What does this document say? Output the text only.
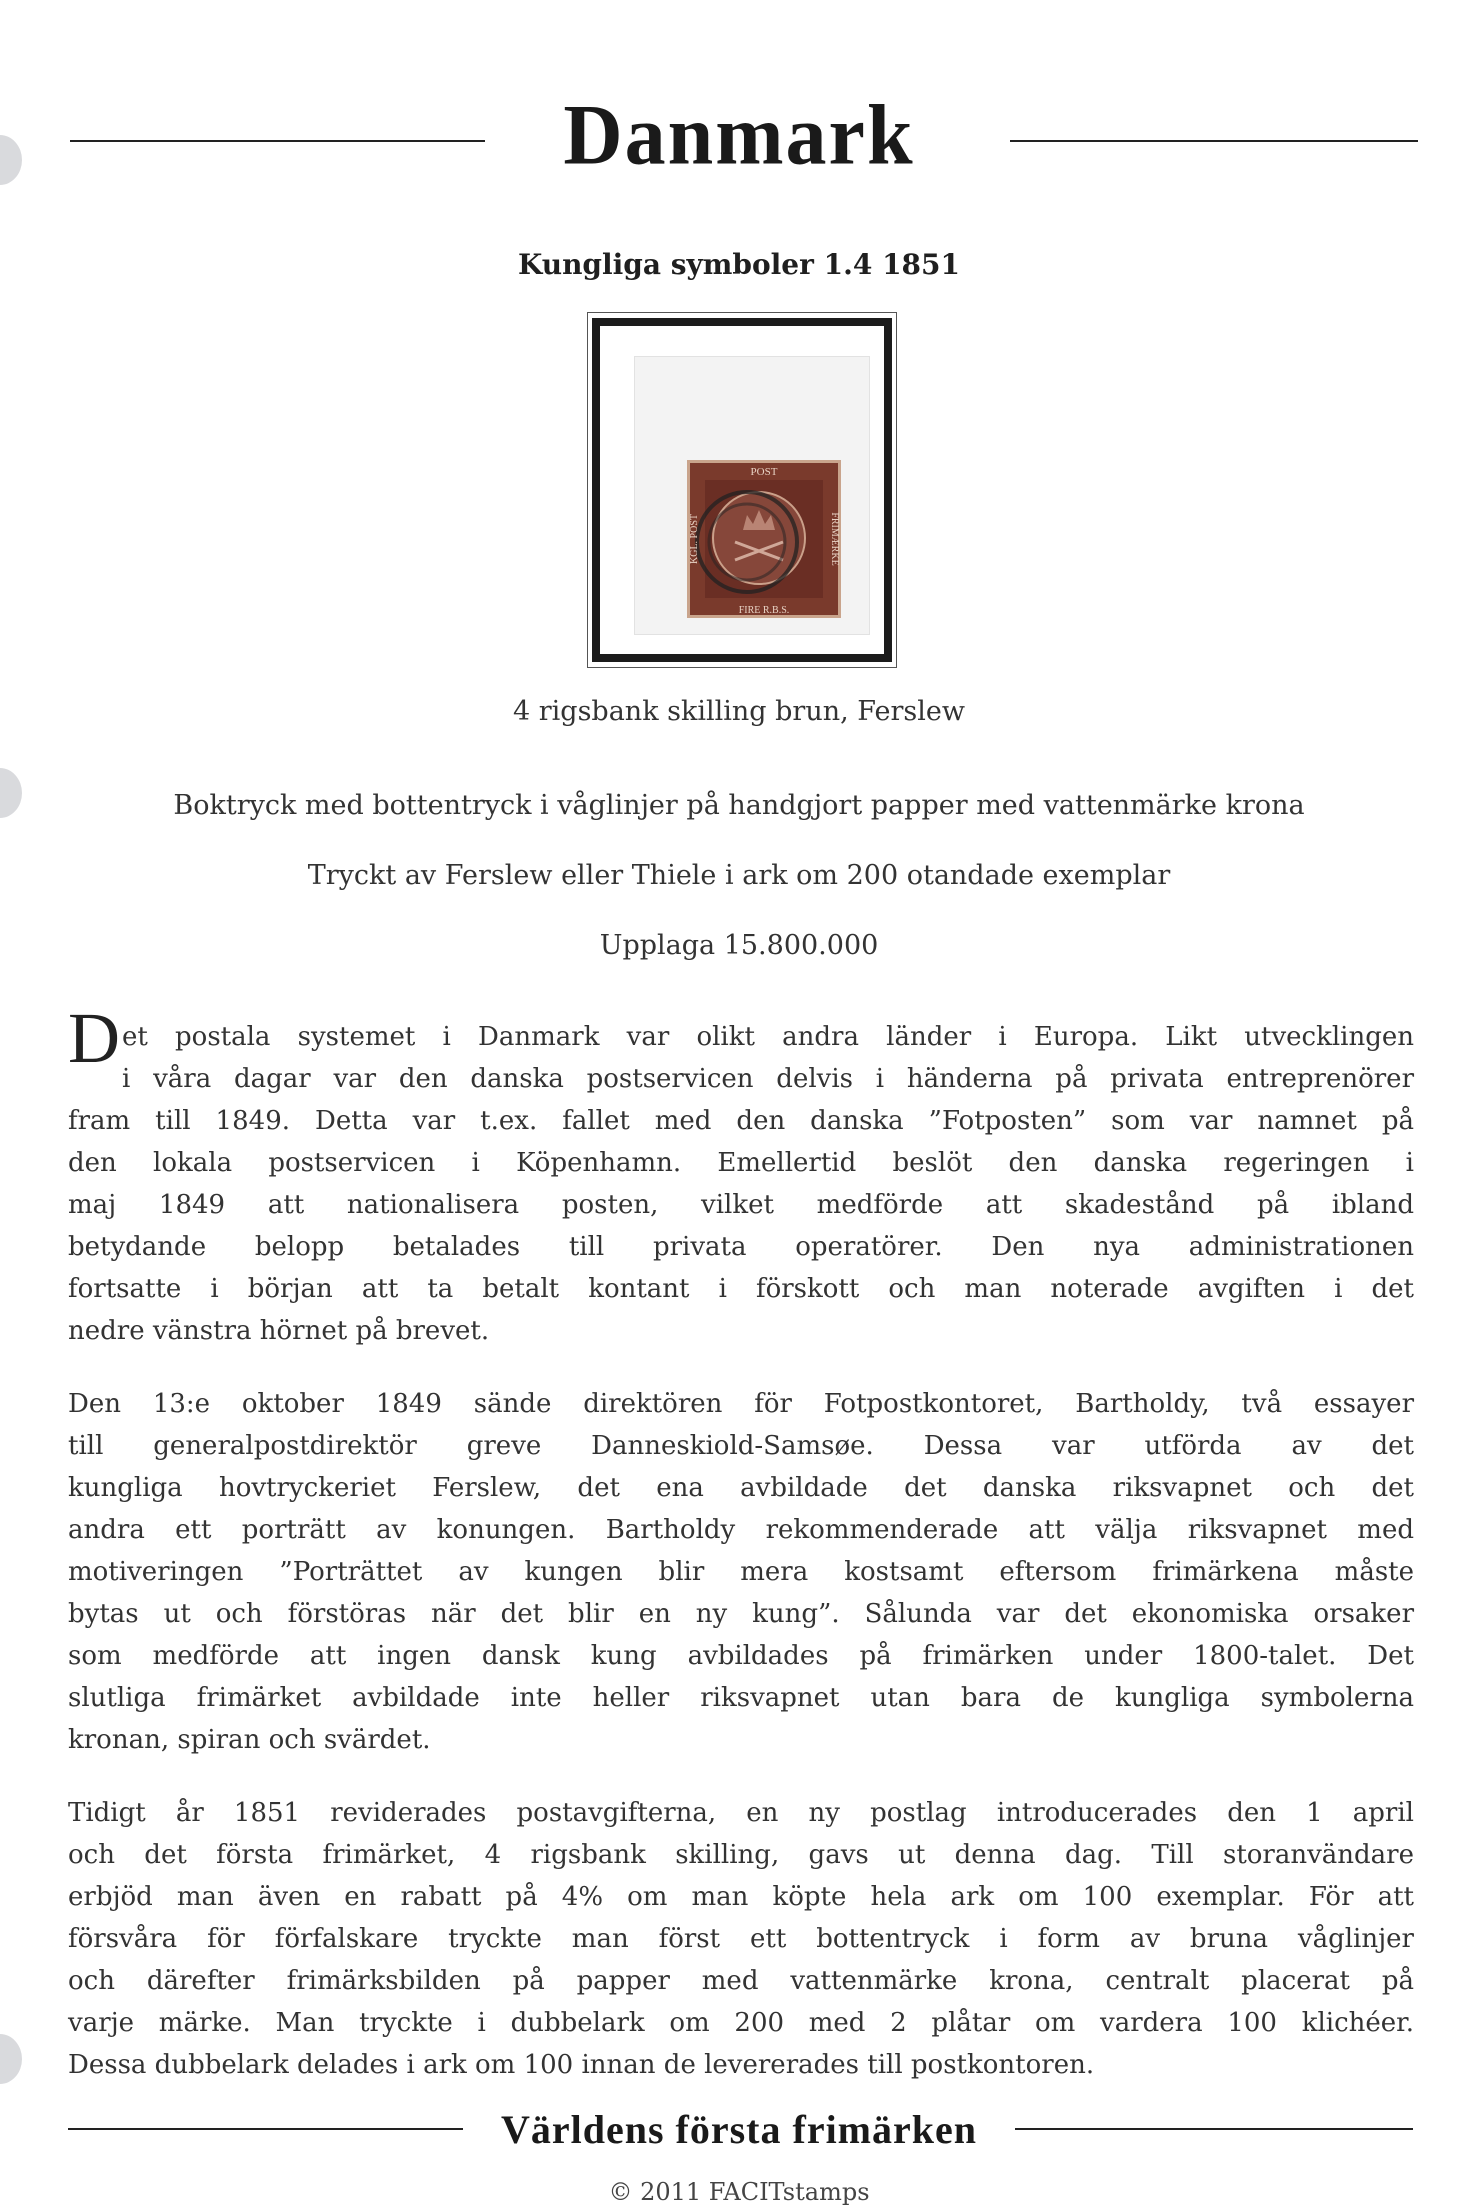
Danmark
Kungliga symboler 1.4 1851
POST
FIRE R.B.S.
FRIMÆRKE
KGL. POST
4 rigsbank skilling brun, Ferslew
Boktryck med bottentryck i våglinjer på handgjort papper med vattenmärke krona
Tryckt av Ferslew eller Thiele i ark om 200 otandade exemplar
Upplaga 15.800.000
Det postala systemet i Danmark var olikt andra länder i Europa. Likt utvecklingen
i våra dagar var den danska postservicen delvis i händerna på privata entreprenörer
fram till 1849. Detta var t.ex. fallet med den danska ”Fotposten” som var namnet på
den lokala postservicen i Köpenhamn. Emellertid beslöt den danska regeringen i
maj 1849 att nationalisera posten, vilket medförde att skadestånd på ibland
betydande belopp betalades till privata operatörer. Den nya administrationen
fortsatte i början att ta betalt kontant i förskott och man noterade avgiften i det
nedre vänstra hörnet på brevet.
Den 13:e oktober 1849 sände direktören för Fotpostkontoret, Bartholdy, två essayer
till generalpostdirektör greve Danneskiold-Samsøe. Dessa var utförda av det
kungliga hovtryckeriet Ferslew, det ena avbildade det danska riksvapnet och det
andra ett porträtt av konungen. Bartholdy rekommenderade att välja riksvapnet med
motiveringen ”Porträttet av kungen blir mera kostsamt eftersom frimärkena måste
bytas ut och förstöras när det blir en ny kung”. Sålunda var det ekonomiska orsaker
som medförde att ingen dansk kung avbildades på frimärken under 1800-talet. Det
slutliga frimärket avbildade inte heller riksvapnet utan bara de kungliga symbolerna
kronan, spiran och svärdet.
Tidigt år 1851 reviderades postavgifterna, en ny postlag introducerades den 1 april
och det första frimärket, 4 rigsbank skilling, gavs ut denna dag. Till storanvändare
erbjöd man även en rabatt på 4% om man köpte hela ark om 100 exemplar. För att
försvåra för förfalskare tryckte man först ett bottentryck i form av bruna våglinjer
och därefter frimärksbilden på papper med vattenmärke krona, centralt placerat på
varje märke. Man tryckte i dubbelark om 200 med 2 plåtar om vardera 100 klichéer.
Dessa dubbelark delades i ark om 100 innan de levererades till postkontoren.
Världens första frimärken
© 2011 FACITstamps
